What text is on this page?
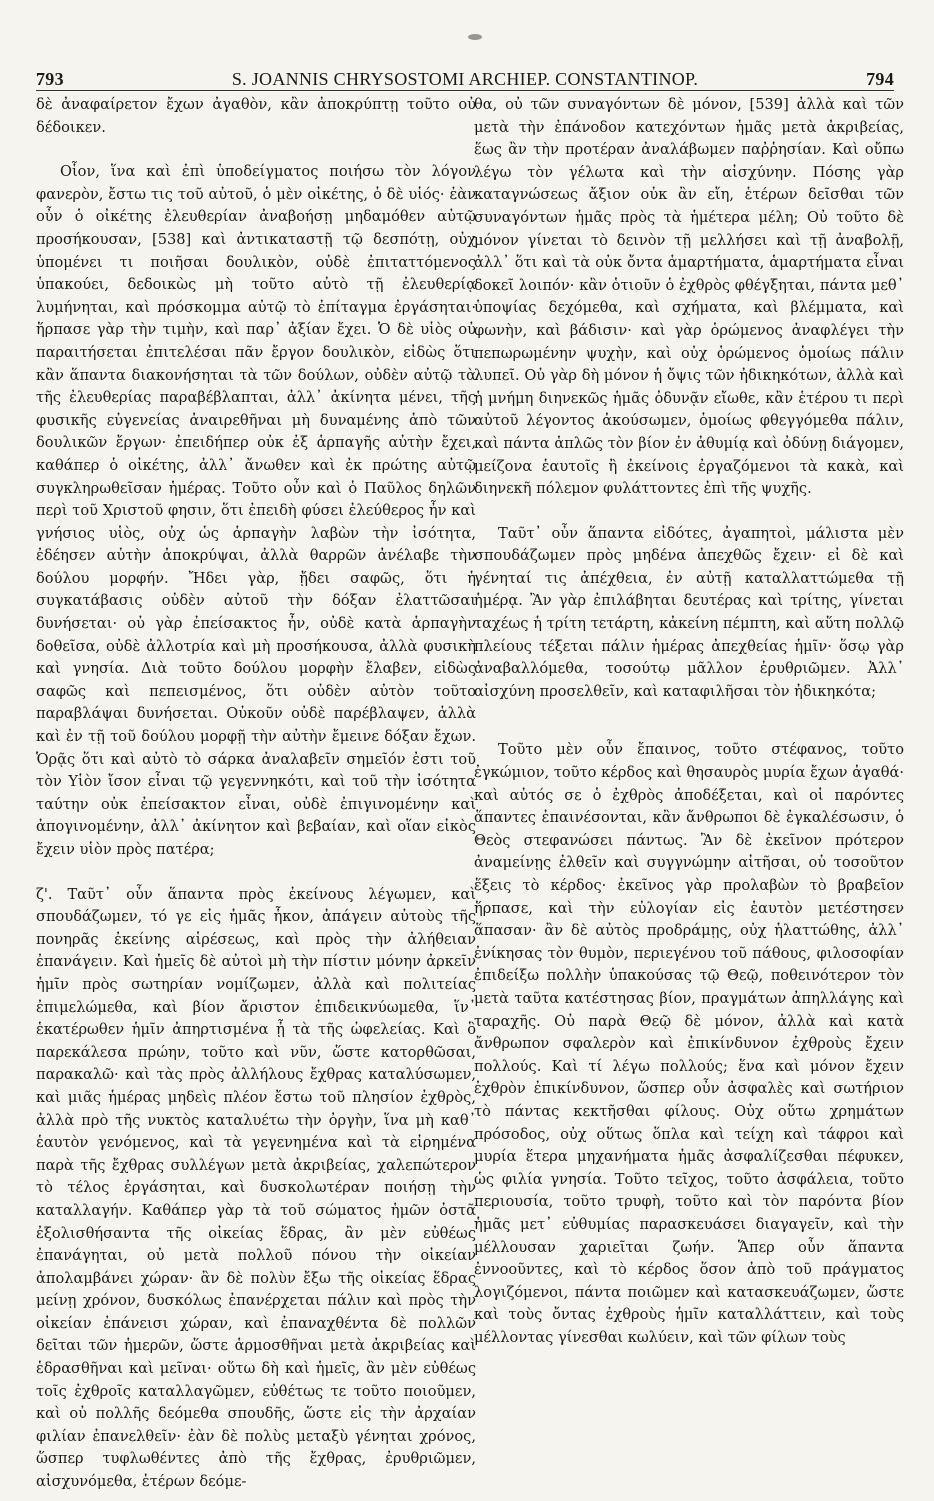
793	S. JOANNIS CHRYSOSTOMI ARCHIEP. CONSTANTINOP.	794

δὲ ἀναφαίρετον ἔχων ἀγαθὸν, κἂν ἀποκρύπτῃ τοῦτο οὐ δέδοικεν.

Οἷον, ἵνα καὶ ἐπὶ ὑποδείγματος ποιήσω τὸν λόγον φανερὸν, ἔστω τις τοῦ αὐτοῦ, ὁ μὲν οἰκέτης, ὁ δὲ υἱός· ἐὰν οὖν ὁ οἰκέτης ἐλευθερίαν ἀναβοήσῃ μηδαμόθεν αὐτῷ προσήκουσαν, [538] καὶ ἀντικαταστῇ τῷ δεσπότῃ, οὐχ ὑπομένει τι ποιῆσαι δουλικὸν, οὐδὲ ἐπιταττόμενος ὑπακούει, δεδοικὼς μὴ τοῦτο αὐτὸ τῇ ἐλευθερίᾳ λυμήνηται, καὶ πρόσκομμα αὐτῷ τὸ ἐπίταγμα ἐργάσηται· ἥρπασε γὰρ τὴν τιμὴν, καὶ παρ᾽ ἀξίαν ἔχει. Ὁ δὲ υἱὸς οὐ παραιτήσεται ἐπιτελέσαι πᾶν ἔργον δουλικὸν, εἰδὼς ὅτι κἂν ἅπαντα διακονήσηται τὰ τῶν δούλων, οὐδὲν αὐτῷ τὰ τῆς ἐλευθερίας παραβέβλαπται, ἀλλ᾽ ἀκίνητα μένει, τῆς φυσικῆς εὐγενείας ἀναιρεθῆναι μὴ δυναμένης ἀπὸ τῶν δουλικῶν ἔργων· ἐπειδήπερ οὐκ ἐξ ἁρπαγῆς αὐτὴν ἔχει, καθάπερ ὁ οἰκέτης, ἀλλ᾽ ἄνωθεν καὶ ἐκ πρώτης αὐτῷ συγκληρωθεῖσαν ἡμέρας. Τοῦτο οὖν καὶ ὁ Παῦλος δηλῶν περὶ τοῦ Χριστοῦ φησιν, ὅτι ἐπειδὴ φύσει ἐλεύθερος ἦν καὶ γνήσιος υἱὸς, οὐχ ὡς ἁρπαγὴν λαβὼν τὴν ἰσότητα, ἐδέησεν αὐτὴν ἀποκρύψαι, ἀλλὰ θαρρῶν ἀνέλαβε τὴν δούλου μορφήν. Ἤδει γὰρ, ᾔδει σαφῶς, ὅτι ἡ συγκατάβασις οὐδὲν αὐτοῦ τὴν δόξαν ἐλαττῶσαι δυνήσεται· οὐ γὰρ ἐπείσακτος ἦν, οὐδὲ κατὰ ἁρπαγὴν δοθεῖσα, οὐδὲ ἀλλοτρία καὶ μὴ προσήκουσα, ἀλλὰ φυσικὴ καὶ γνησία. Διὰ τοῦτο δούλου μορφὴν ἔλαβεν, εἰδὼς σαφῶς καὶ πεπεισμένος, ὅτι οὐδὲν αὐτὸν τοῦτο παραβλάψαι δυνήσεται. Οὐκοῦν οὐδὲ παρέβλαψεν, ἀλλὰ καὶ ἐν τῇ τοῦ δούλου μορφῇ τὴν αὐτὴν ἔμεινε δόξαν ἔχων. Ὁρᾷς ὅτι καὶ αὐτὸ τὸ σάρκα ἀναλαβεῖν σημεῖόν ἐστι τοῦ τὸν Υἱὸν ἴσον εἶναι τῷ γεγεννηκότι, καὶ τοῦ τὴν ἰσότητα ταύτην οὐκ ἐπείσακτον εἶναι, οὐδὲ ἐπιγινομένην καὶ ἀπογινομένην, ἀλλ᾽ ἀκίνητον καὶ βεβαίαν, καὶ οἵαν εἰκὸς ἔχειν υἱὸν πρὸς πατέρα;

ζ'. Ταῦτ᾽ οὖν ἅπαντα πρὸς ἐκείνους λέγωμεν, καὶ σπουδάζωμεν, τό γε εἰς ἡμᾶς ἧκον, ἀπάγειν αὐτοὺς τῆς πονηρᾶς ἐκείνης αἱρέσεως, καὶ πρὸς τὴν ἀλήθειαν ἐπανάγειν. Καὶ ἡμεῖς δὲ αὐτοὶ μὴ τὴν πίστιν μόνην ἀρκεῖν ἡμῖν πρὸς σωτηρίαν νομίζωμεν, ἀλλὰ καὶ πολιτείας ἐπιμελώμεθα, καὶ βίον ἄριστον ἐπιδεικνύωμεθα, ἵν᾽ ἑκατέρωθεν ἡμῖν ἀπηρτισμένα ᾖ τὰ τῆς ὠφελείας. Καὶ ὃ παρεκάλεσα πρώην, τοῦτο καὶ νῦν, ὥστε κατορθῶσαι, παρακαλῶ· καὶ τὰς πρὸς ἀλλήλους ἔχθρας καταλύσωμεν, καὶ μιᾶς ἡμέρας μηδεὶς πλέον ἔστω τοῦ πλησίον ἐχθρὸς, ἀλλὰ πρὸ τῆς νυκτὸς καταλυέτω τὴν ὀργὴν, ἵνα μὴ καθ᾽ ἑαυτὸν γενόμενος, καὶ τὰ γεγενημένα καὶ τὰ εἰρημένα παρὰ τῆς ἔχθρας συλλέγων μετὰ ἀκριβείας, χαλεπώτερον τὸ τέλος ἐργάσηται, καὶ δυσκολωτέραν ποιήσῃ τὴν καταλλαγήν. Καθάπερ γὰρ τὰ τοῦ σώματος ἡμῶν ὀστᾶ ἐξολισθήσαντα τῆς οἰκείας ἕδρας, ἂν μὲν εὐθέως ἐπανάγηται, οὐ μετὰ πολλοῦ πόνου τὴν οἰκείαν ἀπολαμβάνει χώραν· ἂν δὲ πολὺν ἔξω τῆς οἰκείας ἕδρας μείνῃ χρόνον, δυσκόλως ἐπανέρχεται πάλιν καὶ πρὸς τὴν οἰκείαν ἐπάνεισι χώραν, καὶ ἐπαναχθέντα δὲ πολλῶν δεῖται τῶν ἡμερῶν, ὥστε ἁρμοσθῆναι μετὰ ἀκριβείας καὶ ἑδρασθῆναι καὶ μεῖναι· οὕτω δὴ καὶ ἡμεῖς, ἂν μὲν εὐθέως τοῖς ἐχθροῖς καταλλαγῶμεν, εὐθέτως τε τοῦτο ποιοῦμεν, καὶ οὐ πολλῆς δεόμεθα σπουδῆς, ὥστε εἰς τὴν ἀρχαίαν φιλίαν ἐπανελθεῖν· ἐὰν δὲ πολὺς μεταξὺ γένηται χρόνος, ὥσπερ τυφλωθέντες ἀπὸ τῆς ἔχθρας, ἐρυθριῶμεν, αἰσχυνόμεθα, ἑτέρων δεόμε-

θα, οὐ τῶν συναγόντων δὲ μόνον, [539] ἀλλὰ καὶ τῶν μετὰ τὴν ἐπάνοδον κατεχόντων ἡμᾶς μετὰ ἀκριβείας, ἕως ἂν τὴν προτέραν ἀναλάβωμεν παῤῥησίαν. Καὶ οὔπω λέγω τὸν γέλωτα καὶ τὴν αἰσχύνην. Πόσης γὰρ καταγνώσεως ἄξιον οὐκ ἂν εἴη, ἑτέρων δεῖσθαι τῶν συναγόντων ἡμᾶς πρὸς τὰ ἡμέτερα μέλη; Οὐ τοῦτο δὲ μόνον γίνεται τὸ δεινὸν τῇ μελλήσει καὶ τῇ ἀναβολῇ, ἀλλ᾽ ὅτι καὶ τὰ οὐκ ὄντα ἁμαρτήματα, ἁμαρτήματα εἶναι δοκεῖ λοιπόν· κἂν ὁτιοῦν ὁ ἐχθρὸς φθέγξηται, πάντα μεθ᾽ ὑποψίας δεχόμεθα, καὶ σχήματα, καὶ βλέμματα, καὶ φωνὴν, καὶ βάδισιν· καὶ γὰρ ὁρώμενος ἀναφλέγει τὴν πεπωρωμένην ψυχὴν, καὶ οὐχ ὁρώμενος ὁμοίως πάλιν λυπεῖ. Οὐ γὰρ δὴ μόνον ἡ ὄψις τῶν ἠδικηκότων, ἀλλὰ καὶ ἡ μνήμη διηνεκῶς ἡμᾶς ὀδυνᾷν εἴωθε, κἂν ἑτέρου τι περὶ αὐτοῦ λέγοντος ἀκούσωμεν, ὁμοίως φθεγγόμεθα πάλιν, καὶ πάντα ἁπλῶς τὸν βίον ἐν ἀθυμίᾳ καὶ ὀδύνῃ διάγομεν, μείζονα ἑαυτοῖς ἢ ἐκείνοις ἐργαζόμενοι τὰ κακὰ, καὶ διηνεκῆ πόλεμον φυλάττοντες ἐπὶ τῆς ψυχῆς.

Ταῦτ᾽ οὖν ἅπαντα εἰδότες, ἀγαπητοὶ, μάλιστα μὲν σπουδάζωμεν πρὸς μηδένα ἀπεχθῶς ἔχειν· εἰ δὲ καὶ γένηταί τις ἀπέχθεια, ἐν αὐτῇ καταλλαττώμεθα τῇ ἡμέρᾳ. Ἂν γὰρ ἐπιλάβηται δευτέρας καὶ τρίτης, γίνεται ταχέως ἡ τρίτη τετάρτη, κἀκείνη πέμπτη, καὶ αὕτη πολλῷ πλείους τέξεται πάλιν ἡμέρας ἀπεχθείας ἡμῖν· ὅσῳ γὰρ ἀναβαλλόμεθα, τοσούτῳ μᾶλλον ἐρυθριῶμεν. Ἀλλ᾽ αἰσχύνη προσελθεῖν, καὶ καταφιλῆσαι τὸν ἠδικηκότα;

Τοῦτο μὲν οὖν ἔπαινος, τοῦτο στέφανος, τοῦτο ἐγκώμιον, τοῦτο κέρδος καὶ θησαυρὸς μυρία ἔχων ἀγαθά· καὶ αὐτός σε ὁ ἐχθρὸς ἀποδέξεται, καὶ οἱ παρόντες ἅπαντες ἐπαινέσονται, κἂν ἄνθρωποι δὲ ἐγκαλέσωσιν, ὁ Θεὸς στεφανώσει πάντως. Ἂν δὲ ἐκεῖνον πρότερον ἀναμείνῃς ἐλθεῖν καὶ συγγνώμην αἰτῆσαι, οὐ τοσοῦτον ἕξεις τὸ κέρδος· ἐκεῖνος γὰρ προλαβὼν τὸ βραβεῖον ἥρπασε, καὶ τὴν εὐλογίαν εἰς ἑαυτὸν μετέστησεν ἅπασαν· ἂν δὲ αὐτὸς προδράμῃς, οὐχ ἡλαττώθης, ἀλλ᾽ ἐνίκησας τὸν θυμὸν, περιεγένου τοῦ πάθους, φιλοσοφίαν ἐπιδείξω πολλὴν ὑπακούσας τῷ Θεῷ, ποθεινότερον τὸν μετὰ ταῦτα κατέστησας βίον, πραγμάτων ἀπηλλάγης καὶ ταραχῆς. Οὐ παρὰ Θεῷ δὲ μόνον, ἀλλὰ καὶ κατὰ ἄνθρωπον σφαλερὸν καὶ ἐπικίνδυνον ἐχθροὺς ἔχειν πολλούς. Καὶ τί λέγω πολλούς; ἕνα καὶ μόνον ἔχειν ἐχθρὸν ἐπικίνδυνον, ὥσπερ οὖν ἀσφαλὲς καὶ σωτήριον τὸ πάντας κεκτῆσθαι φίλους. Οὐχ οὕτω χρημάτων πρόσοδος, οὐχ οὕτως ὅπλα καὶ τείχη καὶ τάφροι καὶ μυρία ἕτερα μηχανήματα ἡμᾶς ἀσφαλίζεσθαι πέφυκεν, ὡς φιλία γνησία. Τοῦτο τεῖχος, τοῦτο ἀσφάλεια, τοῦτο περιουσία, τοῦτο τρυφὴ, τοῦτο καὶ τὸν παρόντα βίον ἡμᾶς μετ᾽ εὐθυμίας παρασκευάσει διαγαγεῖν, καὶ τὴν μέλλουσαν χαριεῖται ζωήν. Ἅπερ οὖν ἅπαντα ἐννοοῦντες, καὶ τὸ κέρδος ὅσον ἀπὸ τοῦ πράγματος λογιζόμενοι, πάντα ποιῶμεν καὶ κατασκευάζωμεν, ὥστε καὶ τοὺς ὄντας ἐχθροὺς ἡμῖν καταλλάττειν, καὶ τοὺς μέλλοντας γίνεσθαι κωλύειν, καὶ τῶν φίλων τοὺς
